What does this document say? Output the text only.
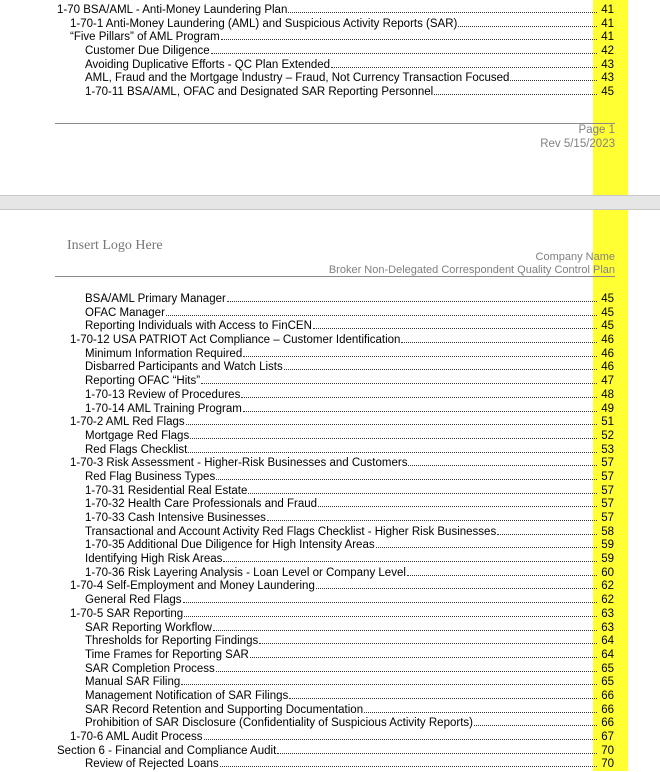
1-70 BSA/AML - Anti-Money Laundering Plan	41
1-70-1 Anti-Money Laundering (AML) and Suspicious Activity Reports (SAR)	41
“Five Pillars” of AML Program	41
Customer Due Diligence	42
Avoiding Duplicative Efforts - QC Plan Extended	43
AML, Fraud and the Mortgage Industry – Fraud, Not Currency Transaction Focused	43
1-70-11 BSA/AML, OFAC and Designated SAR Reporting Personnel	45
Page 1
Rev 5/15/2023
Insert Logo Here
Company Name
Broker Non-Delegated Correspondent Quality Control Plan
BSA/AML Primary Manager	45
OFAC Manager	45
Reporting Individuals with Access to FinCEN	45
1-70-12 USA PATRIOT Act Compliance – Customer Identification	46
Minimum Information Required	46
Disbarred Participants and Watch Lists	46
Reporting OFAC “Hits”	47
1-70-13 Review of Procedures	48
1-70-14 AML Training Program	49
1-70-2 AML Red Flags	51
Mortgage Red Flags	52
Red Flags Checklist	53
1-70-3 Risk Assessment - Higher-Risk Businesses and Customers	57
Red Flag Business Types	57
1-70-31 Residential Real Estate	57
1-70-32 Health Care Professionals and Fraud	57
1-70-33 Cash Intensive Businesses	57
Transactional and Account Activity Red Flags Checklist - Higher Risk Businesses	58
1-70-35 Additional Due Diligence for High Intensity Areas	59
Identifying High Risk Areas	59
1-70-36 Risk Layering Analysis - Loan Level or Company Level	60
1-70-4 Self-Employment and Money Laundering	62
General Red Flags	62
1-70-5 SAR Reporting	63
SAR Reporting Workflow	63
Thresholds for Reporting Findings	64
Time Frames for Reporting SAR	64
SAR Completion Process	65
Manual SAR Filing	65
Management Notification of SAR Filings	66
SAR Record Retention and Supporting Documentation	66
Prohibition of SAR Disclosure (Confidentiality of Suspicious Activity Reports)	66
1-70-6 AML Audit Process	67
Section 6 - Financial and Compliance Audit	70
Review of Rejected Loans	70
